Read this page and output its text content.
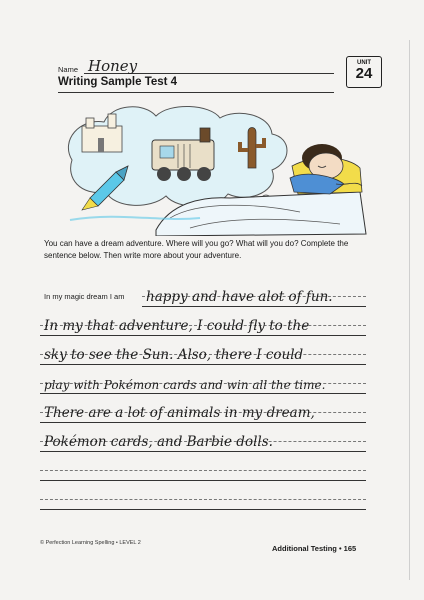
Name Honey
Writing Sample Test 4
UNIT
24

You can have a dream adventure. Where will you go? What will you do? Complete the sentence below. Then write more about your adventure.

In my magic dream I am happy and have alot of fun.
In my that adventure, I could fly to the
sky to see the Sun. Also, there I could
play with Pokémon cards and win all the time.
There are a lot of animals in my dream,
Pokémon cards, and Barbie dolls.
© Perfection Learning Spelling • LEVEL 2
Additional Testing • 165
